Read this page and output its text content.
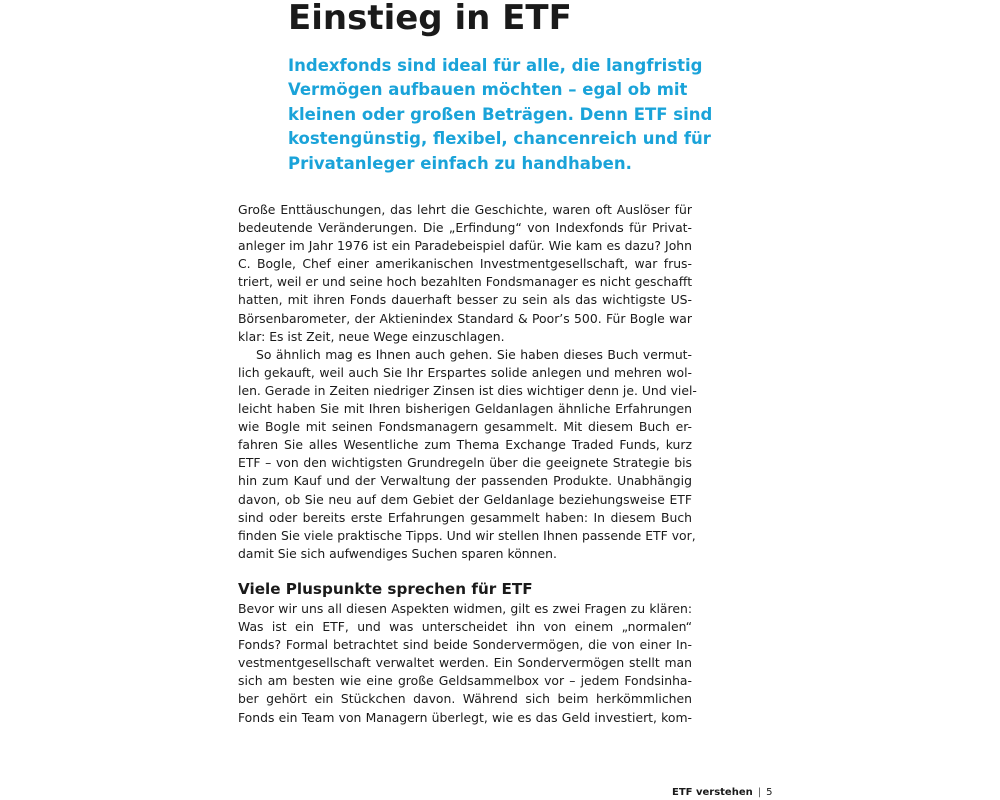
Einstieg in ETF
Indexfonds sind ideal für alle, die langfristig
Vermögen aufbauen möchten – egal ob mit
kleinen oder großen Beträgen. Denn ETF sind
kostengünstig, flexibel, chancenreich und für
Privatanleger einfach zu handhaben.
Große Enttäuschungen, das lehrt die Geschichte, waren oft Auslöser für
bedeutende Veränderungen. Die „Erfindung“ von Indexfonds für Privat-
anleger im Jahr 1976 ist ein Paradebeispiel dafür. Wie kam es dazu? John
C. Bogle, Chef einer amerikanischen Investmentgesellschaft, war frus-
triert, weil er und seine hoch bezahlten Fondsmanager es nicht geschafft
hatten, mit ihren Fonds dauerhaft besser zu sein als das wichtigste US-
Börsenbarometer, der Aktienindex Standard & Poor’s 500. Für Bogle war
klar: Es ist Zeit, neue Wege einzuschlagen.
So ähnlich mag es Ihnen auch gehen. Sie haben dieses Buch vermut-
lich gekauft, weil auch Sie Ihr Erspartes solide anlegen und mehren wol-
len. Gerade in Zeiten niedriger Zinsen ist dies wichtiger denn je. Und viel-
leicht haben Sie mit Ihren bisherigen Geldanlagen ähnliche Erfahrungen
wie Bogle mit seinen Fondsmanagern gesammelt. Mit diesem Buch er-
fahren Sie alles Wesentliche zum Thema Exchange Traded Funds, kurz
ETF – von den wichtigsten Grundregeln über die geeignete Strategie bis
hin zum Kauf und der Verwaltung der passenden Produkte. Unabhängig
davon, ob Sie neu auf dem Gebiet der Geldanlage beziehungsweise ETF
sind oder bereits erste Erfahrungen gesammelt haben: In diesem Buch
finden Sie viele praktische Tipps. Und wir stellen Ihnen passende ETF vor,
damit Sie sich aufwendiges Suchen sparen können.
Viele Pluspunkte sprechen für ETF
Bevor wir uns all diesen Aspekten widmen, gilt es zwei Fragen zu klären:
Was ist ein ETF, und was unterscheidet ihn von einem „normalen“
Fonds? Formal betrachtet sind beide Sondervermögen, die von einer In-
vestmentgesellschaft verwaltet werden. Ein Sondervermögen stellt man
sich am besten wie eine große Geldsammelbox vor – jedem Fondsinha-
ber gehört ein Stückchen davon. Während sich beim herkömmlichen
Fonds ein Team von Managern überlegt, wie es das Geld investiert, kom-
ETF verstehen | 5
